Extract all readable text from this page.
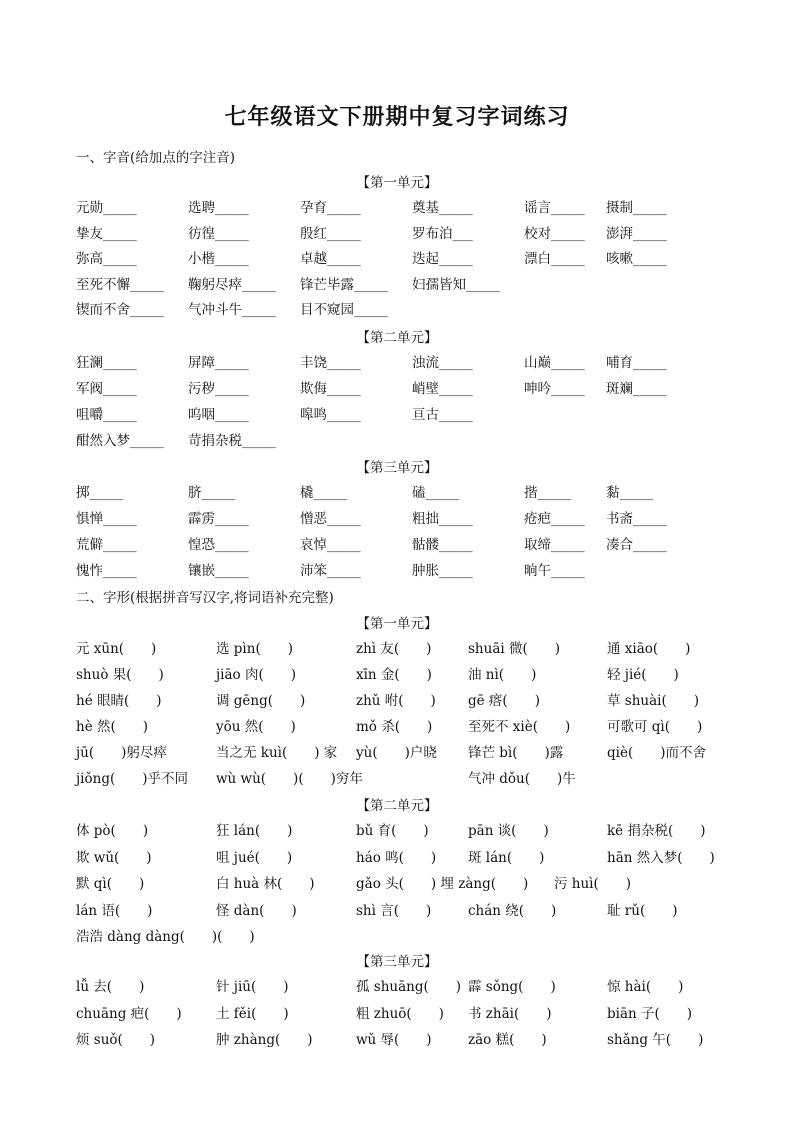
七年级语文下册期中复习字词练习
一、字音(给加点的字注音)
【第一单元】
元勋_____	选聘_____	孕育_____	奠基_____	谣言_____ 摄制_____
挚友_____	彷徨_____	殷红_____	罗布泊___	校对_____ 澎湃_____
弥高_____	小楷_____	卓越_____	迭起_____	漂白_____ 咳嗽_____
至死不懈_____ 鞠躬尽瘁_____ 锋芒毕露_____ 妇孺皆知_____
锲而不舍_____ 气冲斗牛_____ 目不窥园_____
【第二单元】
狂澜_____	屏障_____	丰饶_____	浊流_____	山巅_____ 哺育_____
军阀_____	污秽_____	欺侮_____	峭壁_____	呻吟_____ 斑斓_____
咀嚼_____	呜咽_____	嗥鸣_____	亘古_____
酣然入梦_____ 苛捐杂税_____
【第三单元】
掷_____	脐_____	橇_____	磕_____	揩_____	黏_____
惧惮_____	霹雳_____	憎恶_____	粗拙_____	疮疤_____ 书斋_____
荒僻_____	惶恐_____	哀悼_____	骷髅_____	取缔_____ 凑合_____
愧怍_____	镶嵌_____	沛笨_____	肿胀_____	晌午_____
二、字形(根据拼音写汉字,将词语补充完整)
【第一单元】
元 xūn(　　)	选 pìn(　　)	zhì 友(　　)	shuāi 微(　　)	通 xiāo(　　)
shuò 果(　　)	jiāo 肉(　　)	xīn 金(　　)	油 nì(　　)	轻 jié(　　)
hé 眼睛(　　)	调 gēng(　　)	zhǔ 咐(　　) gē 瘩(　　)	草 shuài(　　)
hè 然(　　)	yōu 然(　　)	mǒ 杀(　　)	至死不 xiè(　　)	可歌可 qì(　　)
jū(　　)躬尽瘁	当之无 kuì(　　) 家 yù(　　)户晓 锋芒 bì(　　)露	qiè(　　)而不舍
jiǒng(　　)乎不同 wù wù(　　)(　　)穷年	气冲 dǒu(　　)牛
【第二单元】
体 pò(　　)	狂 lán(　　)	bǔ 育(　　)	pān 谈(　　)	kē 捐杂税(　　)
欺 wǔ(　　)	咀 jué(　　)	háo 鸣(　　) 斑 lán(　　)	hān 然入梦(　　)
默 qì(　　)	白 huà 林(　　)	gǎo 头(　　) 埋 zàng(　　) 污 huì(　　)
lán 语(　　)	怪 dàn(　　)	shì 言(　　)	chán 绕(　　)	耻 rǔ(　　)
浩浩 dàng dàng(　　)(　　)
【第三单元】
lǚ 去(　　)	针 jiū(　　)	孤 shuāng(　　) 霹 sǒng(　　)	惊 hài(　　)
chuāng 疤(　　)	土 fěi(　　)	粗 zhuō(　　) 书 zhāi(　　)	biān 子(　　)
烦 suǒ(　　)	肿 zhàng(　　)	wǔ 辱(　　)	zāo 糕(　　)	shǎng 午(　　)
